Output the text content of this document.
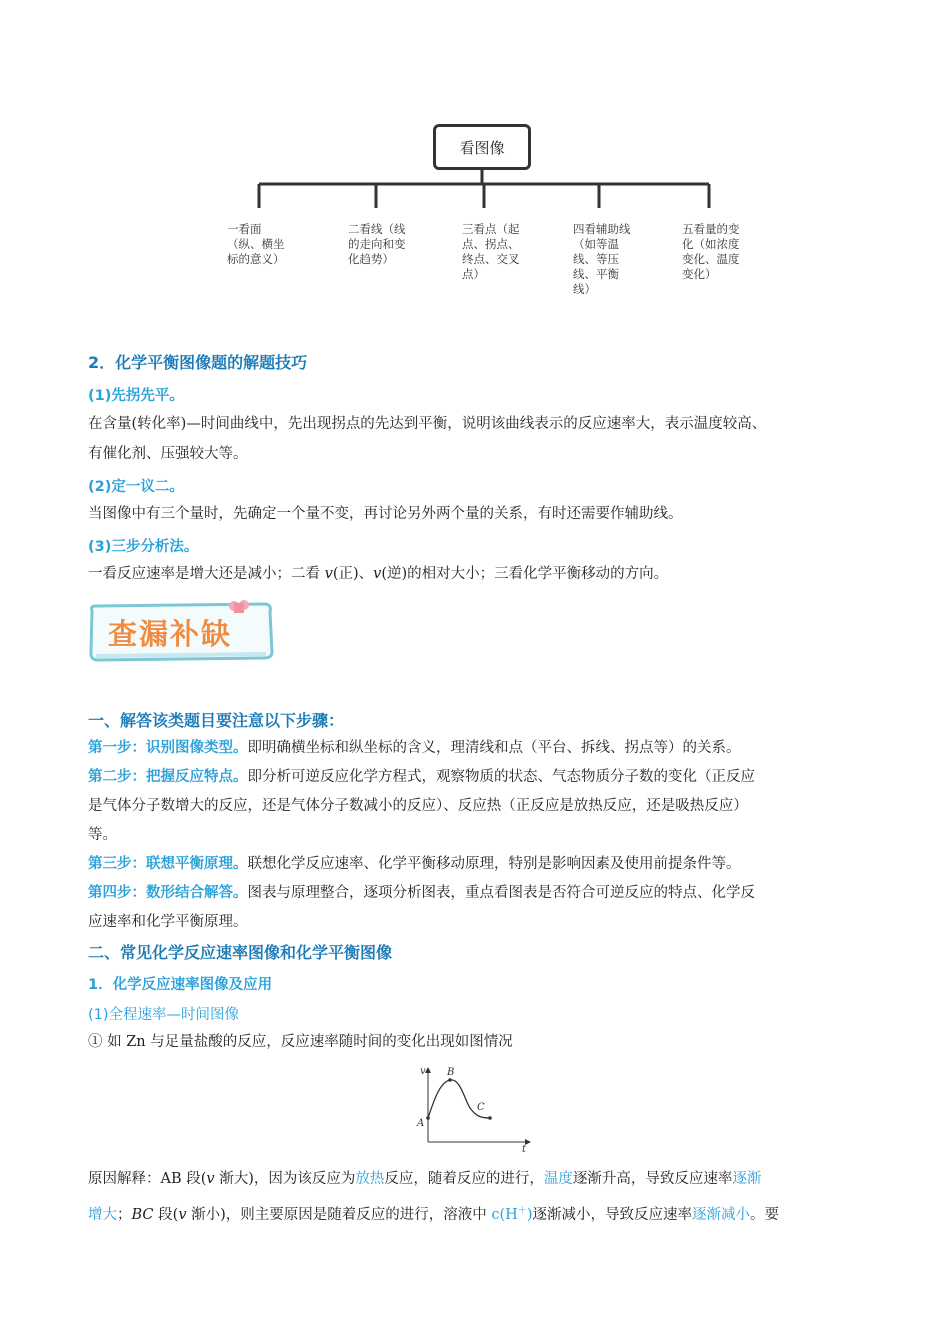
看图像
一看面（纵、横坐标的意义）
二看线（线的走向和变化趋势）
三看点（起点、拐点、终点、交叉点）
四看辅助线（如等温线、等压线、平衡线）
五看量的变化（如浓度变化、温度变化）
2．化学平衡图像题的解题技巧
(1)先拐先平。
在含量(转化率)—时间曲线中，先出现拐点的先达到平衡，说明该曲线表示的反应速率大，表示温度较高、
有催化剂、压强较大等。
(2)定一议二。
当图像中有三个量时，先确定一个量不变，再讨论另外两个量的关系，有时还需要作辅助线。
(3)三步分析法。
一看反应速率是增大还是减小；二看 v(正)、v(逆)的相对大小；三看化学平衡移动的方向。
查漏补缺
一、解答该类题目要注意以下步骤：
第一步：识别图像类型。即明确横坐标和纵坐标的含义，理清线和点（平台、拆线、拐点等）的关系。
第二步：把握反应特点。即分析可逆反应化学方程式，观察物质的状态、气态物质分子数的变化（正反应
是气体分子数增大的反应，还是气体分子数减小的反应）、反应热（正反应是放热反应，还是吸热反应）
等。
第三步：联想平衡原理。联想化学反应速率、化学平衡移动原理，特别是影响因素及使用前提条件等。
第四步：数形结合解答。图表与原理整合，逐项分析图表，重点看图表是否符合可逆反应的特点、化学反
应速率和化学平衡原理。
二、常见化学反应速率图像和化学平衡图像
1．化学反应速率图像及应用
(1)全程速率—时间图像
① 如 Zn 与足量盐酸的反应，反应速率随时间的变化出现如图情况
v
t
A
B
C
原因解释：AB 段(v 渐大)，因为该反应为放热反应，随着反应的进行，温度逐渐升高，导致反应速率逐渐
增大；BC 段(v 渐小)，则主要原因是随着反应的进行，溶液中 c(H＋)逐渐减小，导致反应速率逐渐减小。要
